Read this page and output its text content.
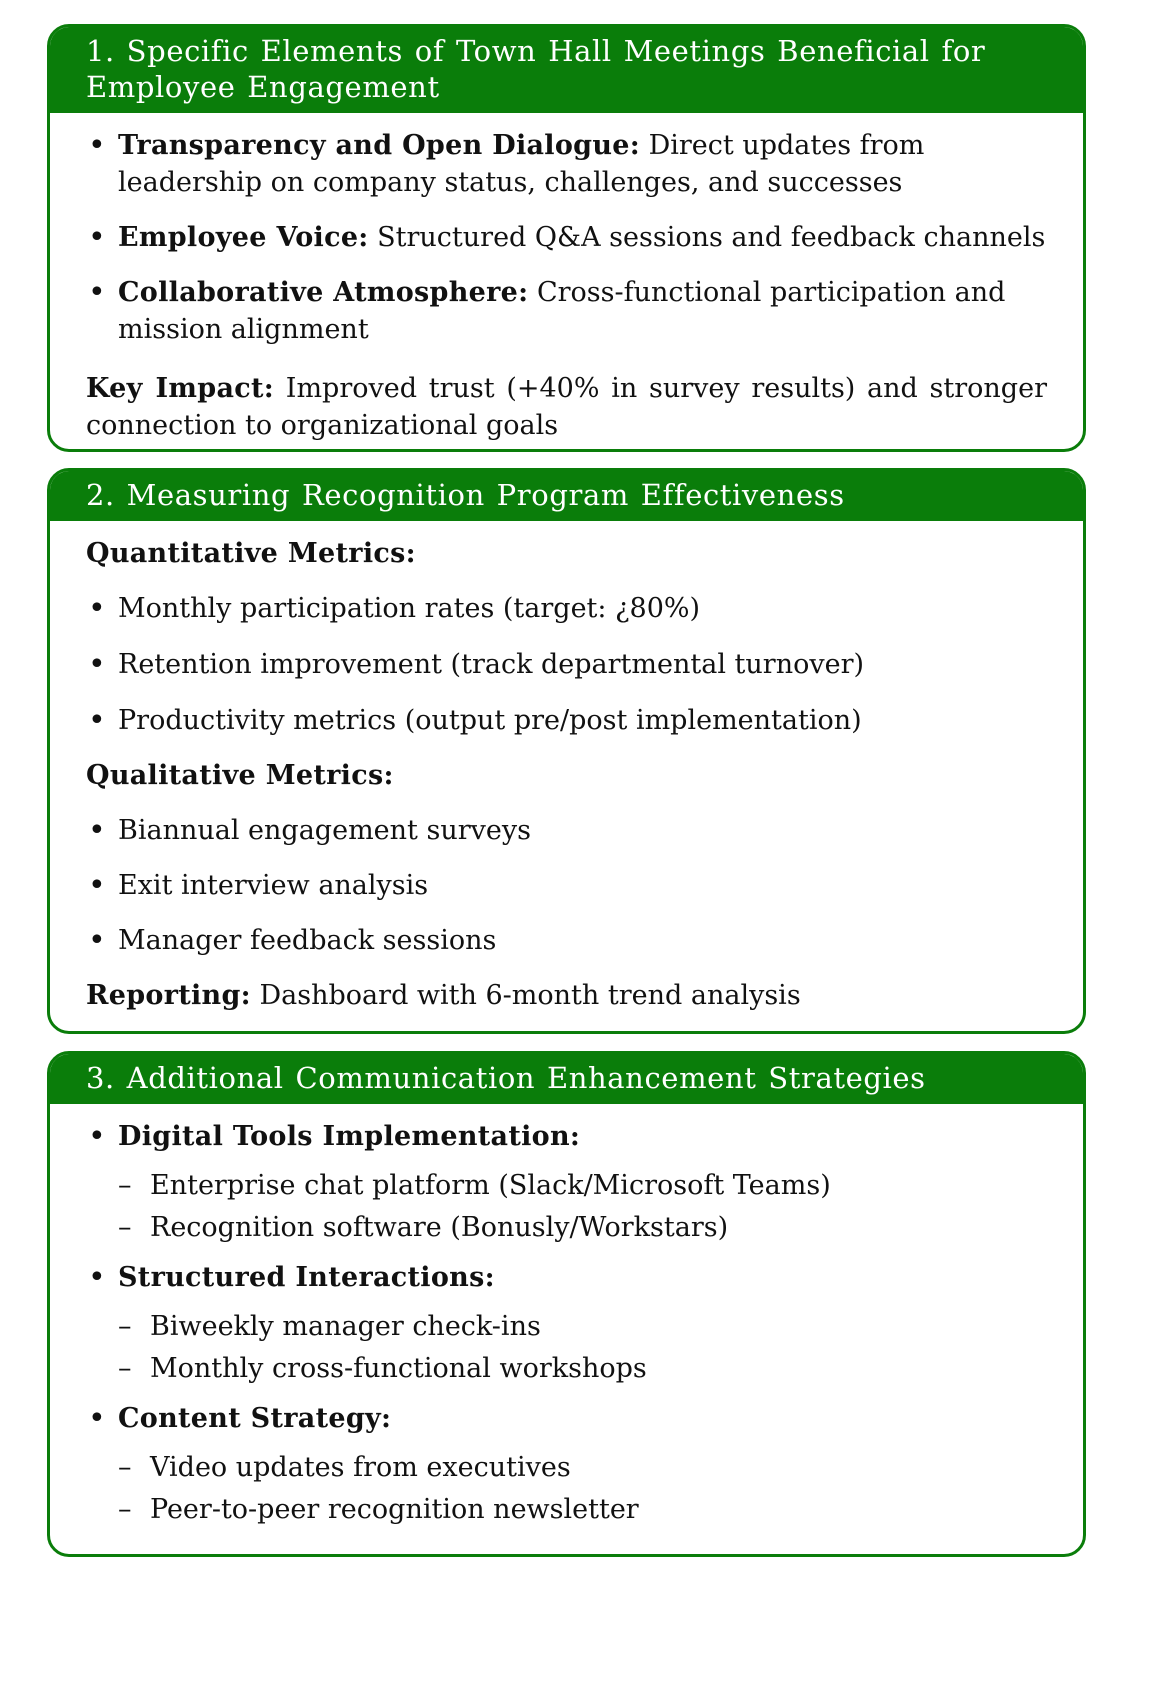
1. Specific Elements of Town Hall Meetings Beneficial for Employee Engagement
• Transparency and Open Dialogue: Direct updates from leadership on company status, challenges, and successes
• Employee Voice: Structured Q&A sessions and feedback channels
• Collaborative Atmosphere: Cross-functional participation and mission alignment
Key Impact: Improved trust (+40% in survey results) and stronger connection to organizational goals
2. Measuring Recognition Program Effectiveness
Quantitative Metrics:
• Monthly participation rates (target: ¿80%)
• Retention improvement (track departmental turnover)
• Productivity metrics (output pre/post implementation)
Qualitative Metrics:
• Biannual engagement surveys
• Exit interview analysis
• Manager feedback sessions
Reporting: Dashboard with 6-month trend analysis
3. Additional Communication Enhancement Strategies
• Digital Tools Implementation:
– Enterprise chat platform (Slack/Microsoft Teams)
– Recognition software (Bonusly/Workstars)
• Structured Interactions:
– Biweekly manager check-ins
– Monthly cross-functional workshops
• Content Strategy:
– Video updates from executives
– Peer-to-peer recognition newsletter
